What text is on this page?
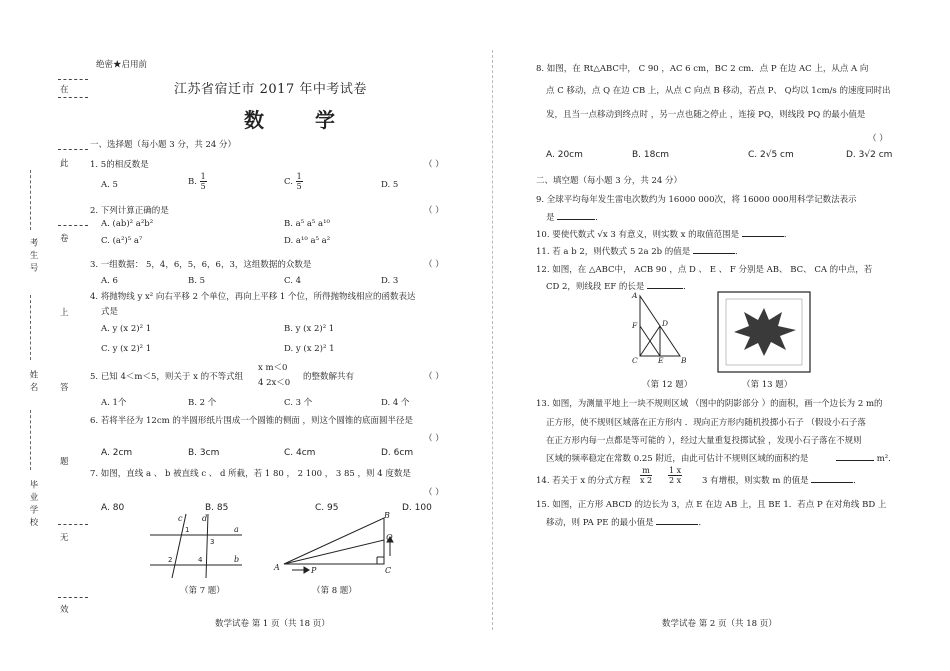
在
此
卷
上
答
题
无
效
考生号
姓名
毕业学校
绝密★启用前
江苏省宿迁市 2017 年中考试卷
数 学
一、选择题（每小题 3 分，共 24 分）
1. 5的相反数是	（ ）
A. 5	B. $\frac{1}{5}$	C. $\frac{1}{5}$	D. 5
2. 下列计算正确的是	（ ）
A. (ab)² a²b²	B. a⁵ a⁵ a¹⁰
C. (a²)⁵ a⁷	D. a¹⁰ a⁵ a²
3. 一组数据： 5，4，6，5，6，6，3，这组数据的众数是	（ ）
A. 6	B. 5	C. 4	D. 3
4. 将抛物线 y x² 向右平移 2 个单位，再向上平移 1 个位，所得抛物线相应的函数表达
式是
A. y (x 2)² 1	B. y (x 2)² 1
C. y (x 2)² 1	D. y (x 2)² 1
5. 已知 4＜m＜5，则关于 x 的不等式组
x m＜0
4 2x＜0
的整数解共有	（ ）
A. 1个	B. 2 个	C. 3 个	D. 4 个
6. 若将半径为 12cm 的半圆形纸片围成一个圆锥的侧面 ，则这个圆锥的底面圆半径是
（ ）
A. 2cm	B. 3cm	C. 4cm	D. 6cm
7. 如图，直线 a 、 b 被直线 c 、 d 所截，若 1 80 ， 2 100 ， 3 85 ，则 4 度数是
（ ）
A. 80	B. 85	C. 95	D. 100
c d
a
b
1
2
3
4
（第 7 题）
A
B
C
P
Q
（第 8 题）
数学试卷 第 1 页（共 18 页）
8. 如图，在 Rt△ABC中， C 90 ，AC 6 cm，BC 2 cm．点 P 在边 AC 上，从点 A 向
点 C 移动，点 Q 在边 CB 上，从点 C 向点 B 移动，若点 P、 Q均以 1cm/s 的速度同时出
发，且当一点移动到终点时 ，另一点也随之停止 ，连接 PQ，则线段 PQ 的最小值是
（ ）
A. 20cm	B. 18cm	C. 2√5 cm	D. 3√2 cm
二、填空题（每小题 3 分，共 24 分）
9. 全球平均每年发生雷电次数约为 16000 000次，将 16000 000用科学记数法表示
是	．
10. 要使代数式 √x 3 有意义，则实数 x 的取值范围是	．
11. 若 a b 2，则代数式 5 2a 2b 的值是	．
12. 如图，在 △ABC中， ACB 90 ，点 D 、 E 、 F 分别是 AB、 BC、 CA 的中点，若
CD 2，则线段 EF 的长是	．
A
B
C
D
E
F
（第 12 题）	（第 13 题）
13. 如图，为测量平地上一块不规则区域 （图中的阴影部分 ）的面积，画一个边长为 2 m的
正方形，使不规则区域落在正方形内 ．现向正方形内随机投掷小石子 （假设小石子落
在正方形内每一点都是等可能的 ），经过大量重复投掷试验 ，发现小石子落在不规则
区域的频率稳定在常数 0.25 附近，由此可估计不规则区域的面积约是	m²．
14. 若关于 x 的分式方程 $\frac{m}{x 2} \frac{1 x}{2 x} 3$ 有增根，则实数 m 的值是	．
15. 如图，正方形 ABCD 的边长为 3，点 E 在边 AB 上，且 BE 1．若点 P 在对角线 BD 上
移动，则 PA PE 的最小值是	．
数学试卷 第 2 页（共 18 页）
